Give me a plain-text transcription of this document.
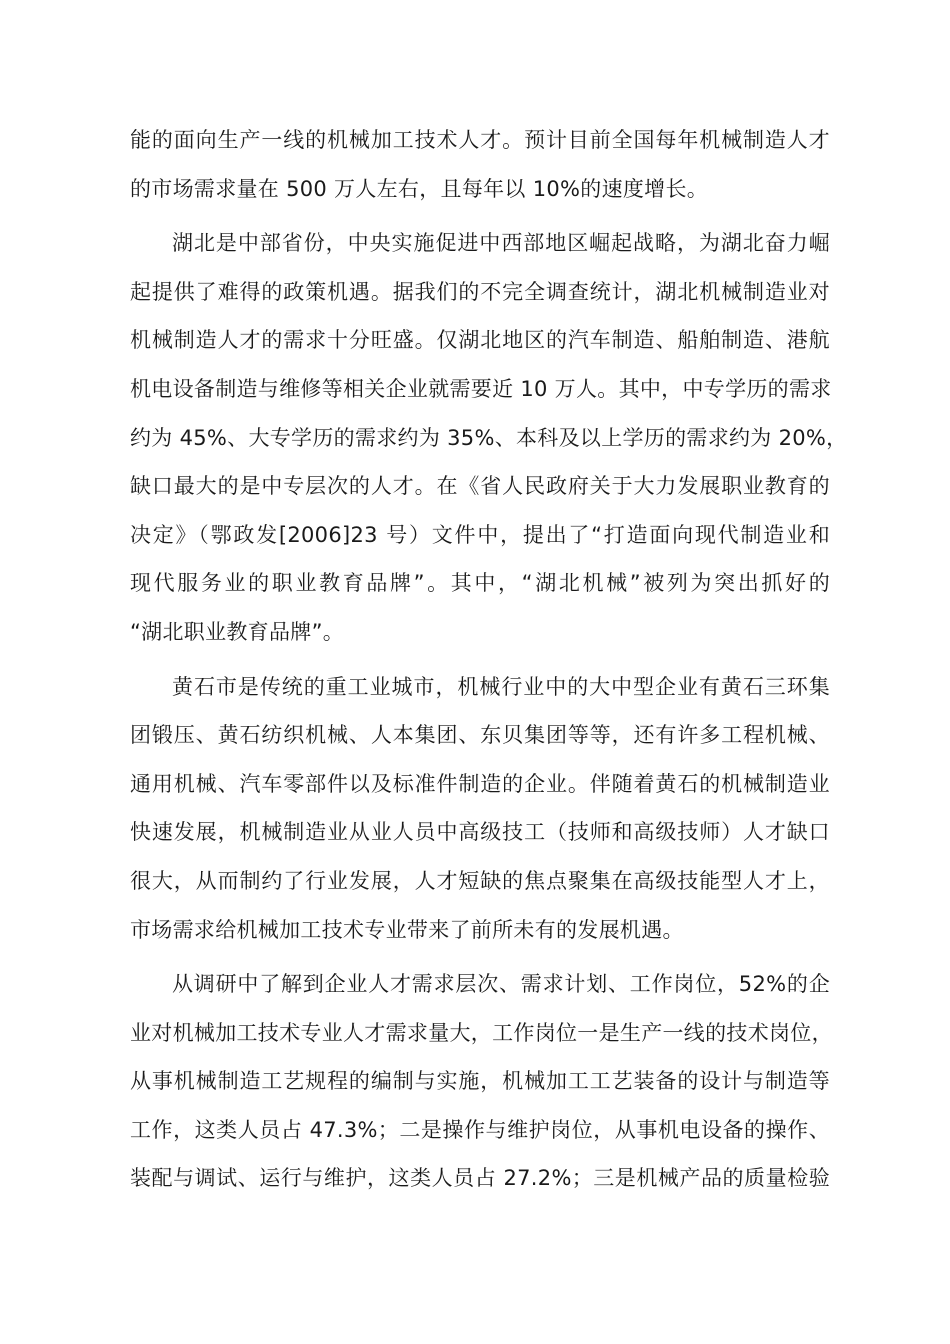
能的面向生产一线的机械加工技术人才。预计目前全国每年机械制造人才
的市场需求量在 500 万人左右，且每年以 10%的速度增长。

湖北是中部省份，中央实施促进中西部地区崛起战略，为湖北奋力崛
起提供了难得的政策机遇。据我们的不完全调查统计，湖北机械制造业对
机械制造人才的需求十分旺盛。仅湖北地区的汽车制造、船舶制造、港航
机电设备制造与维修等相关企业就需要近 10 万人。其中，中专学历的需求
约为 45%、大专学历的需求约为 35%、本科及以上学历的需求约为 20%，
缺口最大的是中专层次的人才。在《省人民政府关于大力发展职业教育的
决定》（鄂政发[2006]23 号）文件中，提出了“打造面向现代制造业和
现代服务业的职业教育品牌”。其中，“湖北机械”被列为突出抓好的
“湖北职业教育品牌”。

黄石市是传统的重工业城市，机械行业中的大中型企业有黄石三环集
团锻压、黄石纺织机械、人本集团、东贝集团等等，还有许多工程机械、
通用机械、汽车零部件以及标准件制造的企业。伴随着黄石的机械制造业
快速发展，机械制造业从业人员中高级技工（技师和高级技师）人才缺口
很大，从而制约了行业发展，人才短缺的焦点聚集在高级技能型人才上，
市场需求给机械加工技术专业带来了前所未有的发展机遇。

从调研中了解到企业人才需求层次、需求计划、工作岗位，52%的企
业对机械加工技术专业人才需求量大，工作岗位一是生产一线的技术岗位，
从事机械制造工艺规程的编制与实施，机械加工工艺装备的设计与制造等
工作，这类人员占 47.3%；二是操作与维护岗位，从事机电设备的操作、
装配与调试、运行与维护，这类人员占 27.2%；三是机械产品的质量检验
